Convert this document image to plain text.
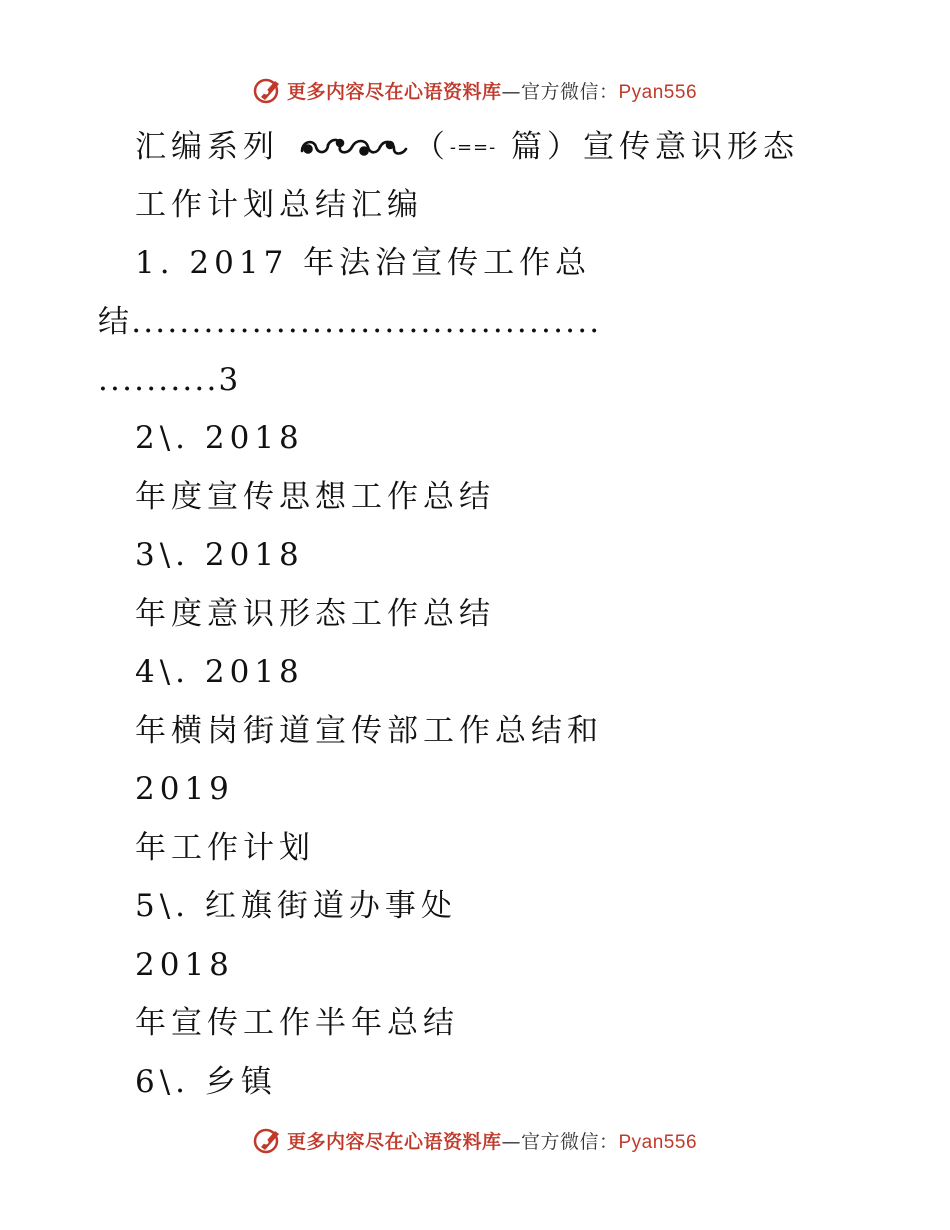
更多内容尽在心语资料库—官方微信：Pyan556
汇编系列	（-==- 篇）宣传意识形态
工作计划总结汇编
1. 2017 年法治宣传工作总
结.......................................
..........3
2\. 2018
年度宣传思想工作总结
3\. 2018
年度意识形态工作总结
4\. 2018
年横岗街道宣传部工作总结和
2019
年工作计划
5\. 红旗街道办事处
2018
年宣传工作半年总结
6\. 乡镇
更多内容尽在心语资料库—官方微信：Pyan556
